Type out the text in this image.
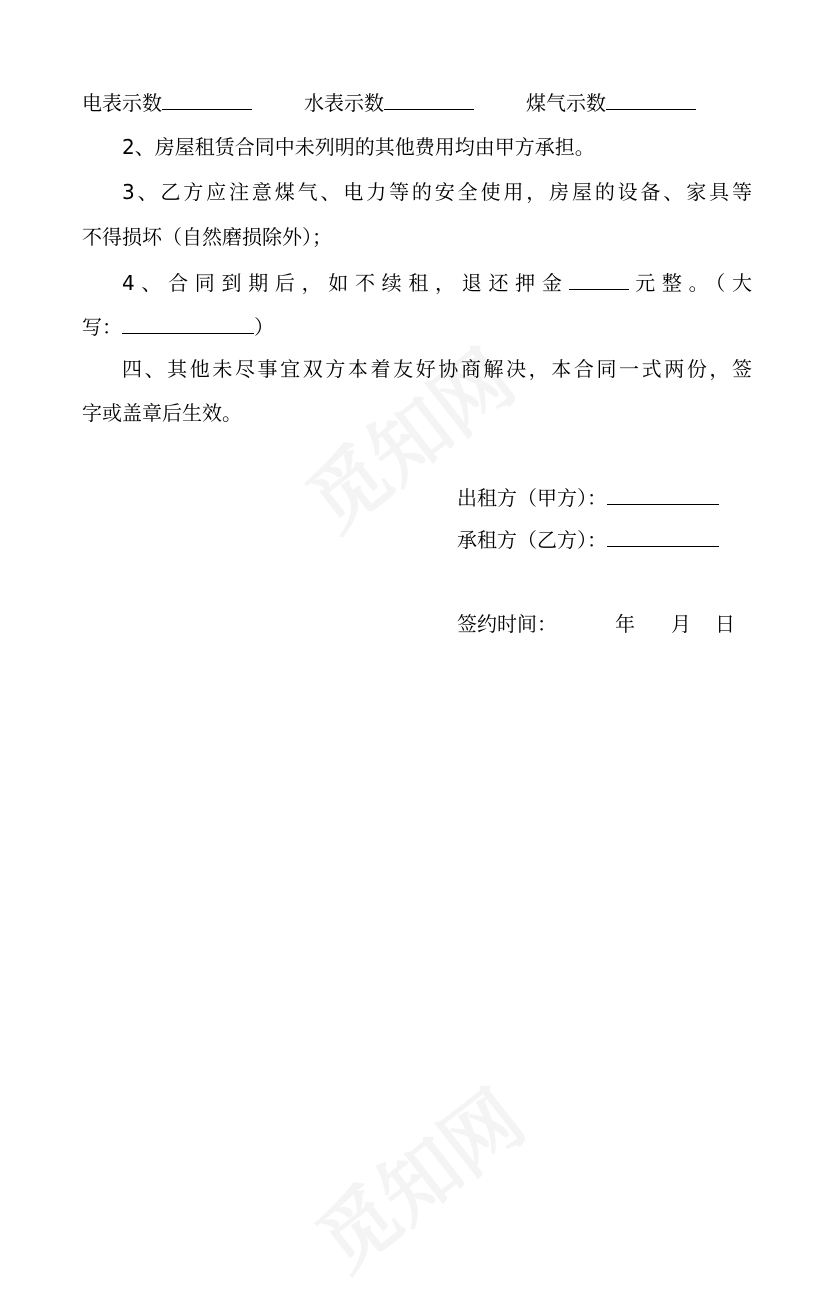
电表示数	水表示数	煤气示数
2、房屋租赁合同中未列明的其他费用均由甲方承担。
3、乙方应注意煤气、电力等的安全使用，房屋的设备、家具等
不得损坏（自然磨损除外）；
4、合同到期后，如不续租，退还押金	元整。（大
写：	）
四、其他未尽事宜双方本着友好协商解决，本合同一式两份，签
字或盖章后生效。
出租方（甲方）：
承租方（乙方）：
签约时间：	年 月 日
